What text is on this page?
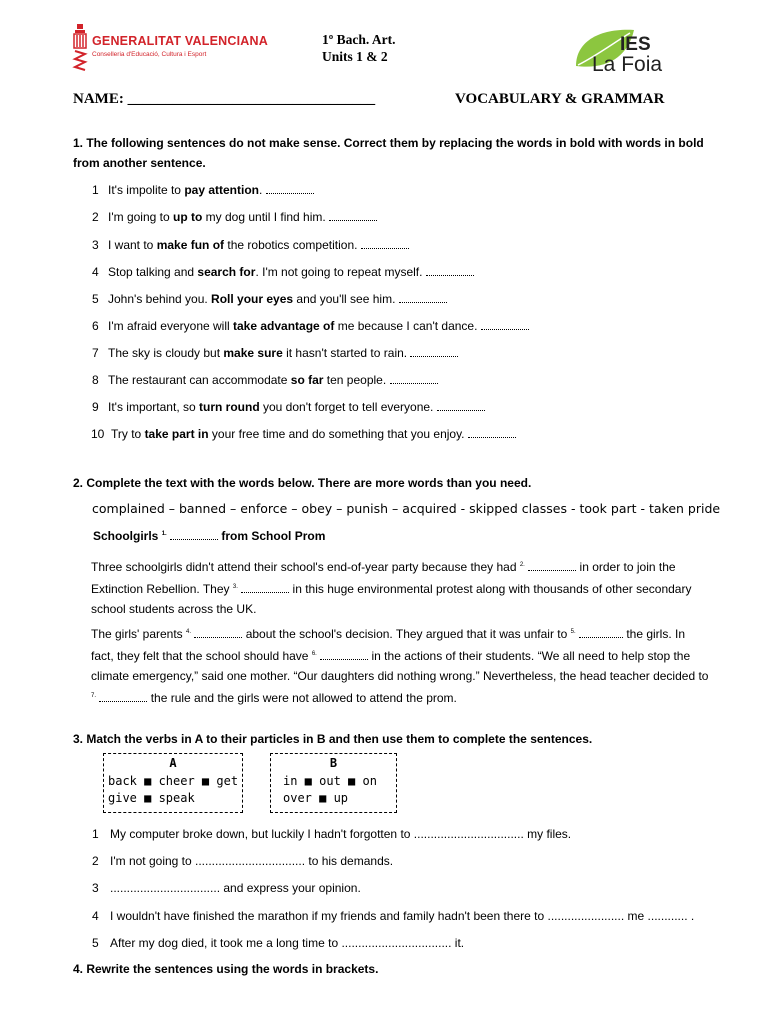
GENERALITAT VALENCIANA
Conselleria d'Educació, Cultura i Esport
1º Bach. Art.
Units 1 & 2
IES
La Foia
NAME: _________________________________	VOCABULARY & GRAMMAR
1. The following sentences do not make sense. Correct them by replacing the words in bold with words in bold from another sentence.
1 It's impolite to pay attention.
2 I'm going to up to my dog until I find him.
3 I want to make fun of the robotics competition.
4 Stop talking and search for. I'm not going to repeat myself.
5 John's behind you. Roll your eyes and you'll see him.
6 I'm afraid everyone will take advantage of me because I can't dance.
7 The sky is cloudy but make sure it hasn't started to rain.
8 The restaurant can accommodate so far ten people.
9 It's important, so turn round you don't forget to tell everyone.
10 Try to take part in your free time and do something that you enjoy.
2. Complete the text with the words below. There are more words than you need.
complained – banned – enforce – obey – punish – acquired - skipped classes - took part - taken pride
Schoolgirls $^{1.}$	from School Prom
Three schoolgirls didn't attend their school's end-of-year party because they had $^{2.}$	in order to join the Extinction Rebellion. They $^{3.}$	in this huge environmental protest along with thousands of other secondary school students across the UK.
The girls' parents $^{4.}$	about the school's decision. They argued that it was unfair to $^{5.}$	the girls. In fact, they felt that the school should have $^{6.}$	in the actions of their students. “We all need to help stop the climate emergency,” said one mother. “Our daughters did nothing wrong.” Nevertheless, the head teacher decided to $^{7.}$	the rule and the girls were not allowed to attend the prom.
3. Match the verbs in A to their particles in B and then use them to complete the sentences.
A
back ■ cheer ■ get
give ■ speak
B
in ■ out ■ on
over ■ up
1 My computer broke down, but luckily I hadn't forgotten to ................................. my files.
2 I'm not going to ................................. to his demands.
3 ................................. and express your opinion.
4 I wouldn't have finished the marathon if my friends and family hadn't been there to ....................... me ............ .
5 After my dog died, it took me a long time to ................................. it.
4. Rewrite the sentences using the words in brackets.
